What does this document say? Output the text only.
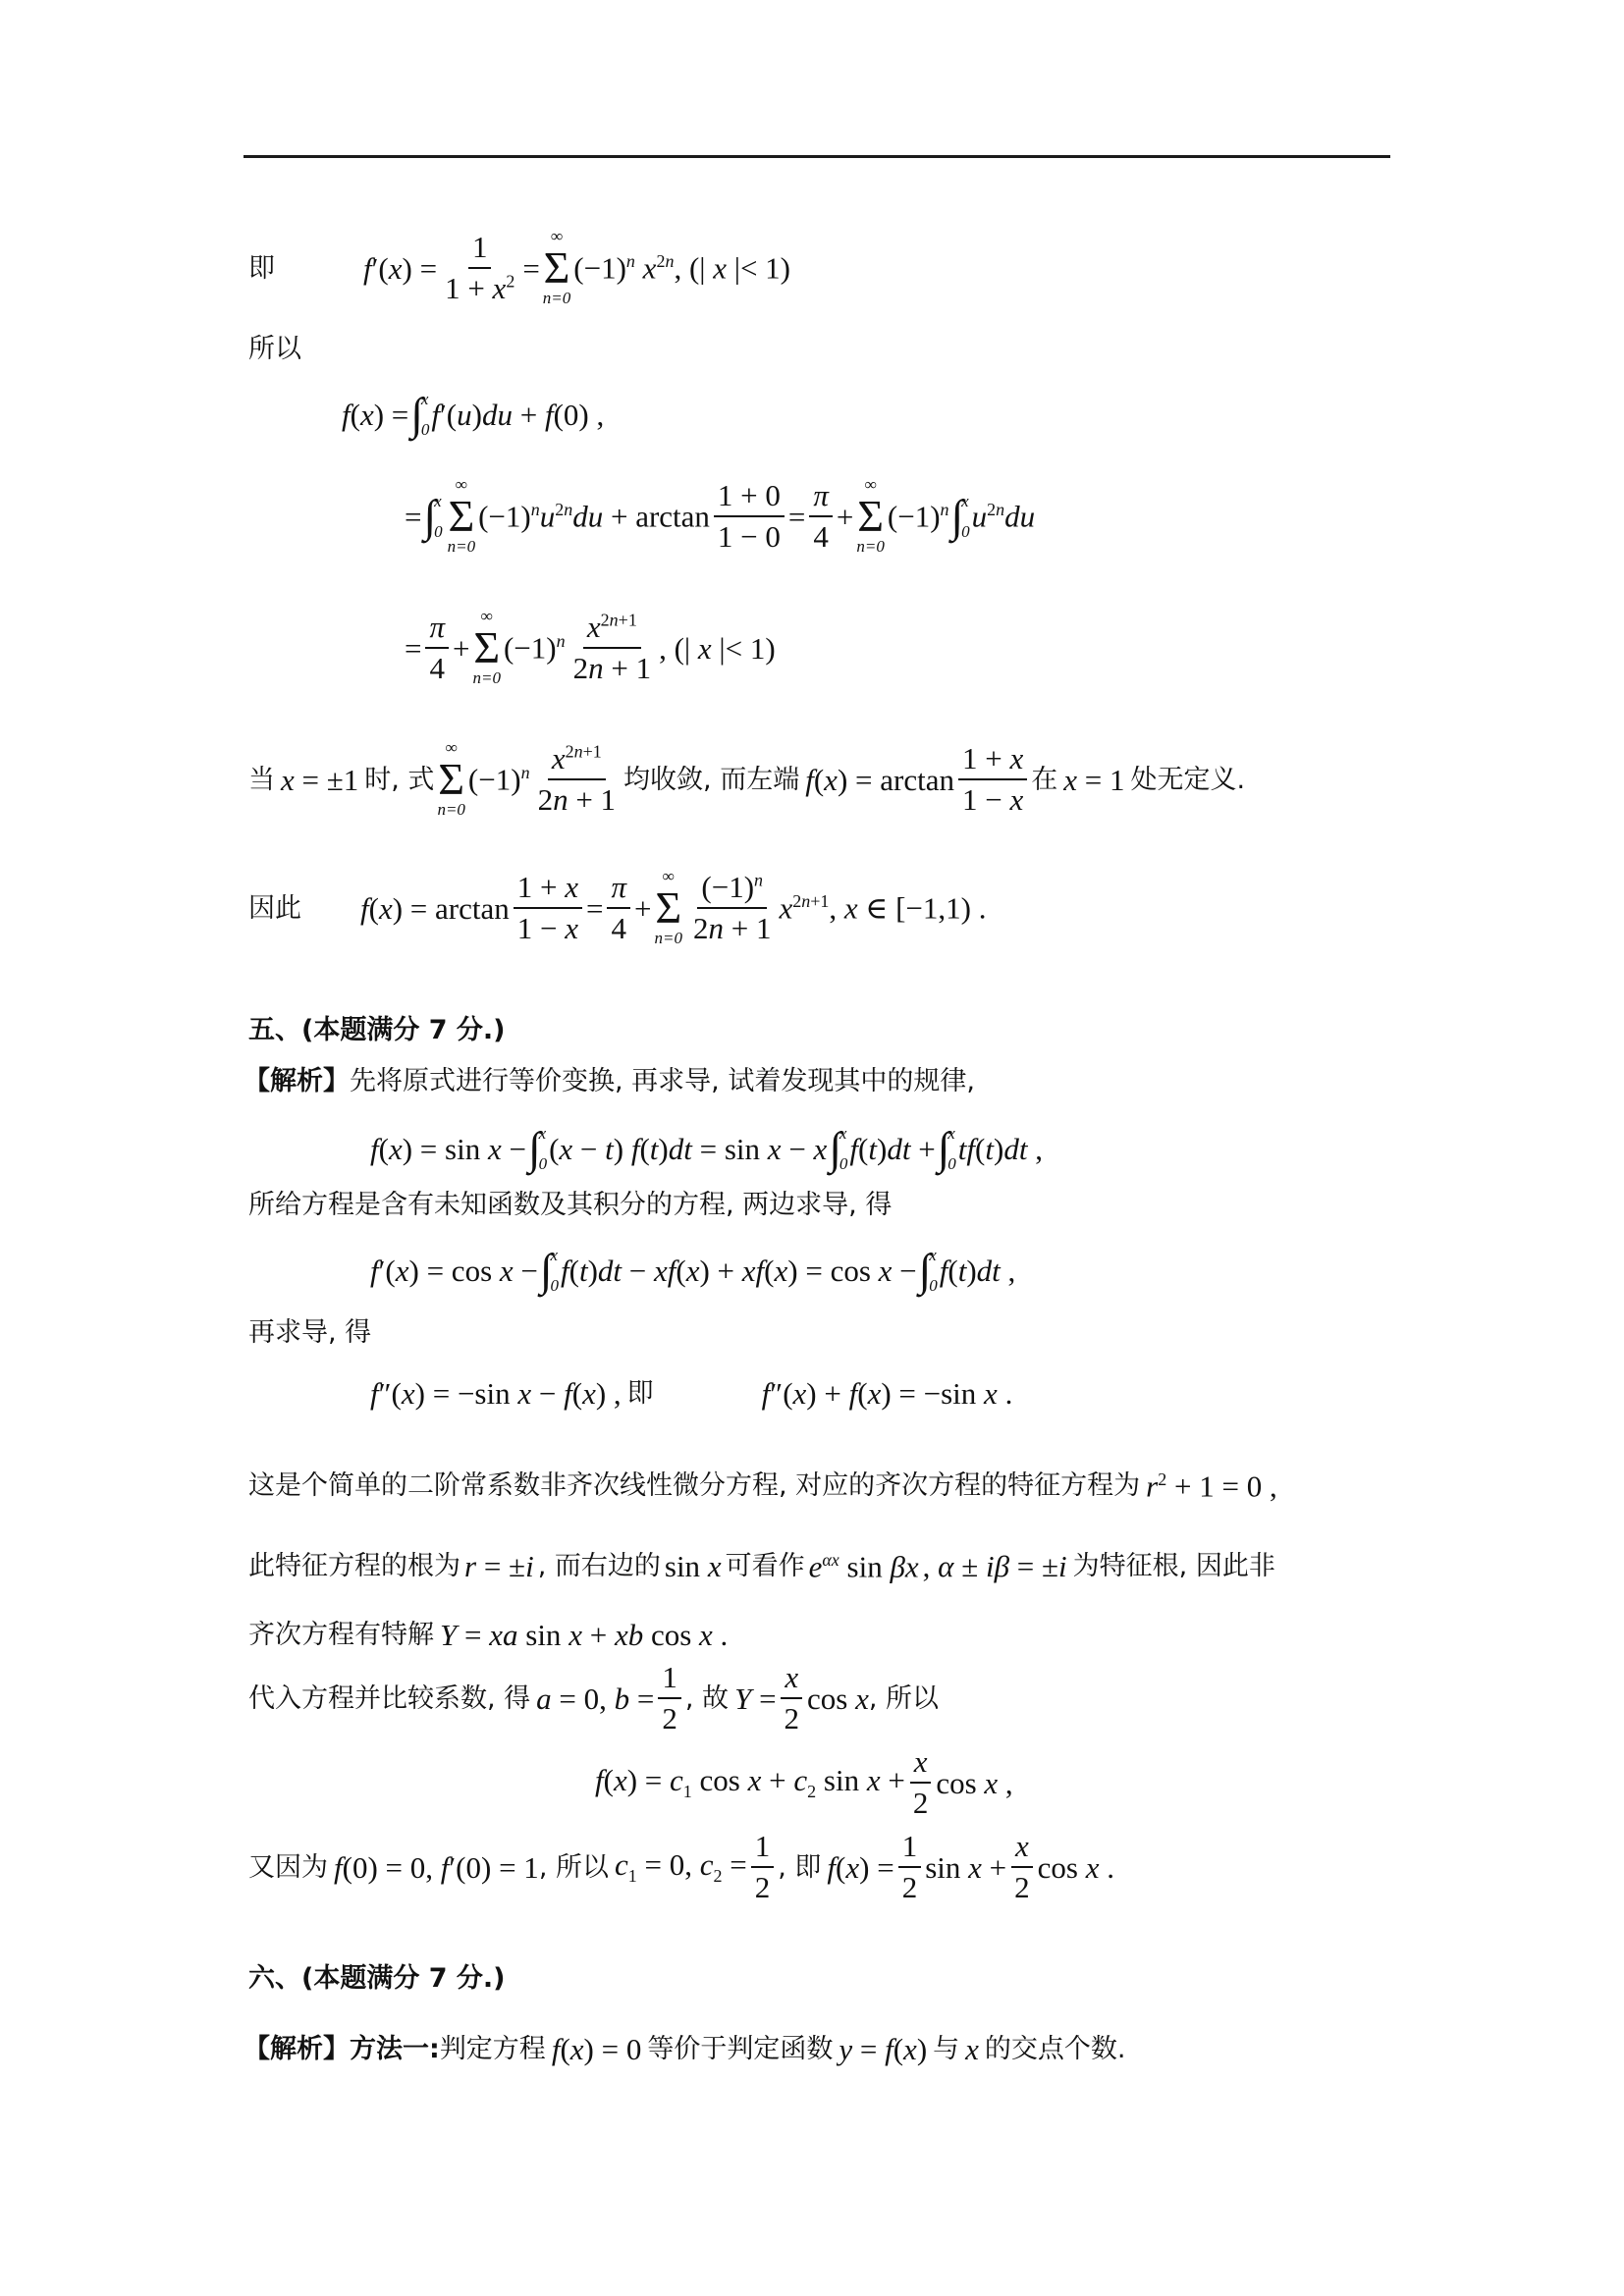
即	$f'(x) = \frac{1}{1 + x^2}$ =
∞
Σ
n=0
$(-1)^n$ $x^{2n}$, (| x |< 1)
所以
f(x) = ∫
x
0 f′(u)du + f(0) ,
= ∫
x
0
∞
Σ
n=0
$(-1)^nu^{2n}du + \arctan \frac{1 + 0}{1 - 0} = \frac{\pi}{4}$ +
∞
Σ
n=0
$(-1)^n$ ∫
x
0 $u^{2n}du$
= $\frac{\pi}{4}$ +
∞
Σ
n=0
$(-1)^n \frac{x^{2n+1}}{2n + 1}$ , (| x |< 1)
当 x = ±1 时, 式
∞
Σ
n=0
$(-1)^n \frac{x^{2n+1}}{2n + 1}$ 均收敛, 而左端 $f(x) = \arctan \frac{1 + x}{1 - x}$ 在 x = 1 处无定义.
因此 $f(x) = \arctan \frac{1 + x}{1 - x} = \frac{\pi}{4}$ +
∞
Σ
$n=0 \frac{(-1)^n}{2n + 1} x^{2n+1}$, x ∈ [−1,1) .
五、(本题满分 7 分.)
【解析】 先将原式进行等价变换, 再求导, 试着发现其中的规律,
f(x) = sin x − ∫
x
0 (x − t) f(t)dt = sin x − x ∫
x
0 f(t)dt + ∫
x
0 tf(t)dt ,
所给方程是含有未知函数及其积分的方程, 两边求导, 得
f′(x) = cos x − ∫
x
0 f(t)dt − xf(x) + xf(x) = cos x − ∫
x
0 f(t)dt ,
再求导, 得
f″(x) = −sin x − f(x) , 即	f″(x) + f(x) = −sin x .
这是个简单的二阶常系数非齐次线性微分方程, 对应的齐次方程的特征方程为 $r^2 + 1 = 0$ ,
此特征方程的根为 r = ±i , 而右边的 sin x 可看作 $e^{\alpha x}$ sin βx , α ± iβ = ±i 为特征根, 因此非
齐次方程有特解 Y = xa sin x + xb cos x .
代入方程并比较系数, 得 a = 0, $b = \frac{1}{2}$ , 故 $Y = \frac{x}{2}$ cos x , 所以
$f(x) = c_1$ $\cos x + c_2$ $\sin x + \frac{x}{2}$ cos x ,
又因为 f(0) = 0, f′(0) = 1 , 所以 $c_1 = 0$, $c_2 = \frac{1}{2}$ , 即 $f(x) = \frac{1}{2}$ $\sin x + \frac{x}{2}$ cos x .
六、(本题满分 7 分.)
【解析】方法一: 判定方程 f(x) = 0 等价于判定函数 y = f(x) 与 x 的交点个数.
